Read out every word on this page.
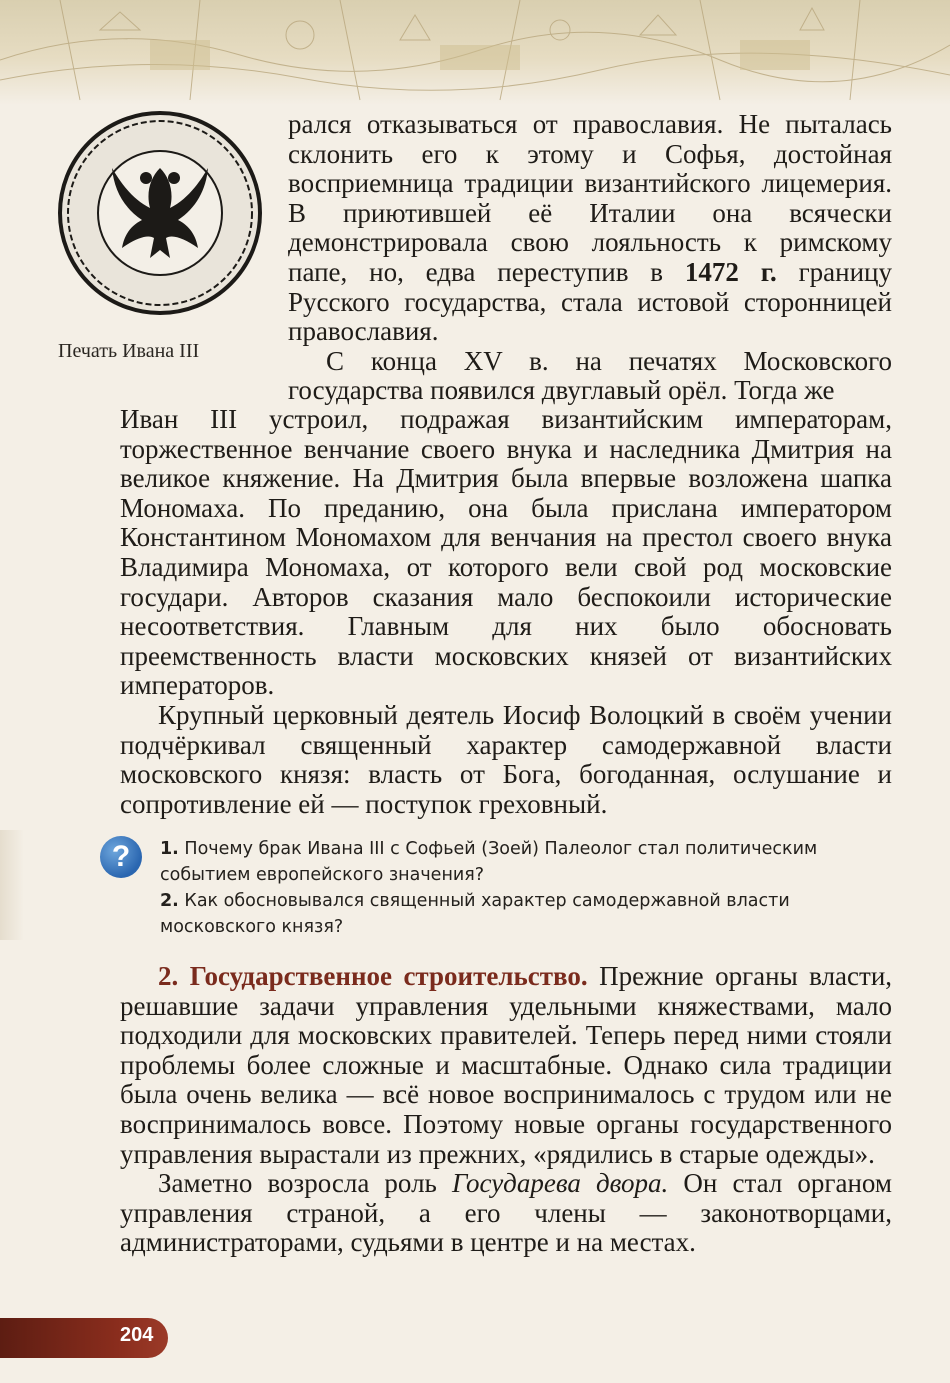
Печать Ивана III

рался отказываться от православия. Не пыталась склонить его к этому и Софья, достойная восприемница традиции византийского лицемерия. В приютившей её Италии она всячески демонстрировала свою лояльность к римскому папе, но, едва переступив в 1472 г. границу Русского государства, стала истовой сторонницей православия.

С конца XV в. на печатях Московского государства появился двуглавый орёл. Тогда же

Иван III устроил, подражая византийским императорам, торжественное венчание своего внука и наследника Дмитрия на великое княжение. На Дмитрия была впервые возложена шапка Мономаха. По преданию, она была прислана императором Константином Мономахом для венчания на престол своего внука Владимира Мономаха, от которого вели свой род московские государи. Авторов сказания мало беспокоили исторические несоответствия. Главным для них было обосновать преемственность власти московских князей от византийских императоров.

Крупный церковный деятель Иосиф Волоцкий в своём учении подчёркивал священный характер самодержавной власти московского князя: власть от Бога, богоданная, ослушание и сопротивление ей — поступок греховный.

?	1. Почему брак Ивана III с Софьей (Зоей) Палеолог стал политическим событием европейского значения?

2. Как обосновывался священный характер самодержавной власти московского князя?

2. Государственное строительство. Прежние органы власти, решавшие задачи управления удельными княжествами, мало подходили для московских правителей. Теперь перед ними стояли проблемы более сложные и масштабные. Однако сила традиции была очень велика — всё новое воспринималось с трудом или не воспринималось вовсе. Поэтому новые органы государственного управления вырастали из прежних, «рядились в старые одежды».

Заметно возросла роль Государева двора. Он стал органом управления страной, а его члены — законотворцами, администраторами, судьями в центре и на местах.

204
